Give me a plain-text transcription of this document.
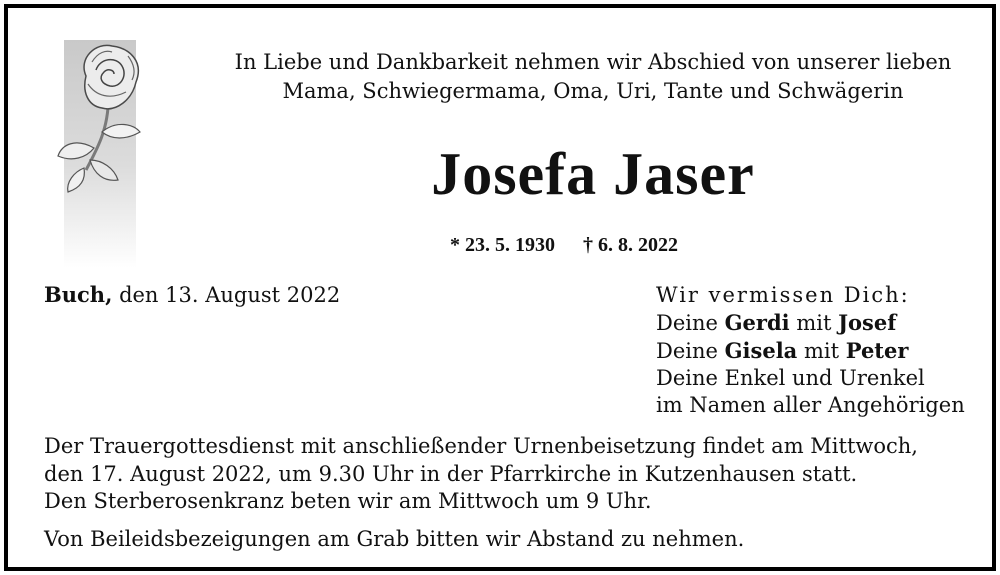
In Liebe und Dankbarkeit nehmen wir Abschied von unserer lieben
Mama, Schwiegermama, Oma, Uri, Tante und Schwägerin
Josefa Jaser
* 23. 5. 1930 † 6. 8. 2022
Buch, den 13. August 2022	Wir vermissen Dich:
Deine Gerdi mit Josef
Deine Gisela mit Peter
Deine Enkel und Urenkel
im Namen aller Angehörigen
Der Trauergottesdienst mit anschließender Urnenbeisetzung findet am Mittwoch,
den 17. August 2022, um 9.30 Uhr in der Pfarrkirche in Kutzenhausen statt.
Den Sterberosenkranz beten wir am Mittwoch um 9 Uhr.
Von Beileidsbezeigungen am Grab bitten wir Abstand zu nehmen.
